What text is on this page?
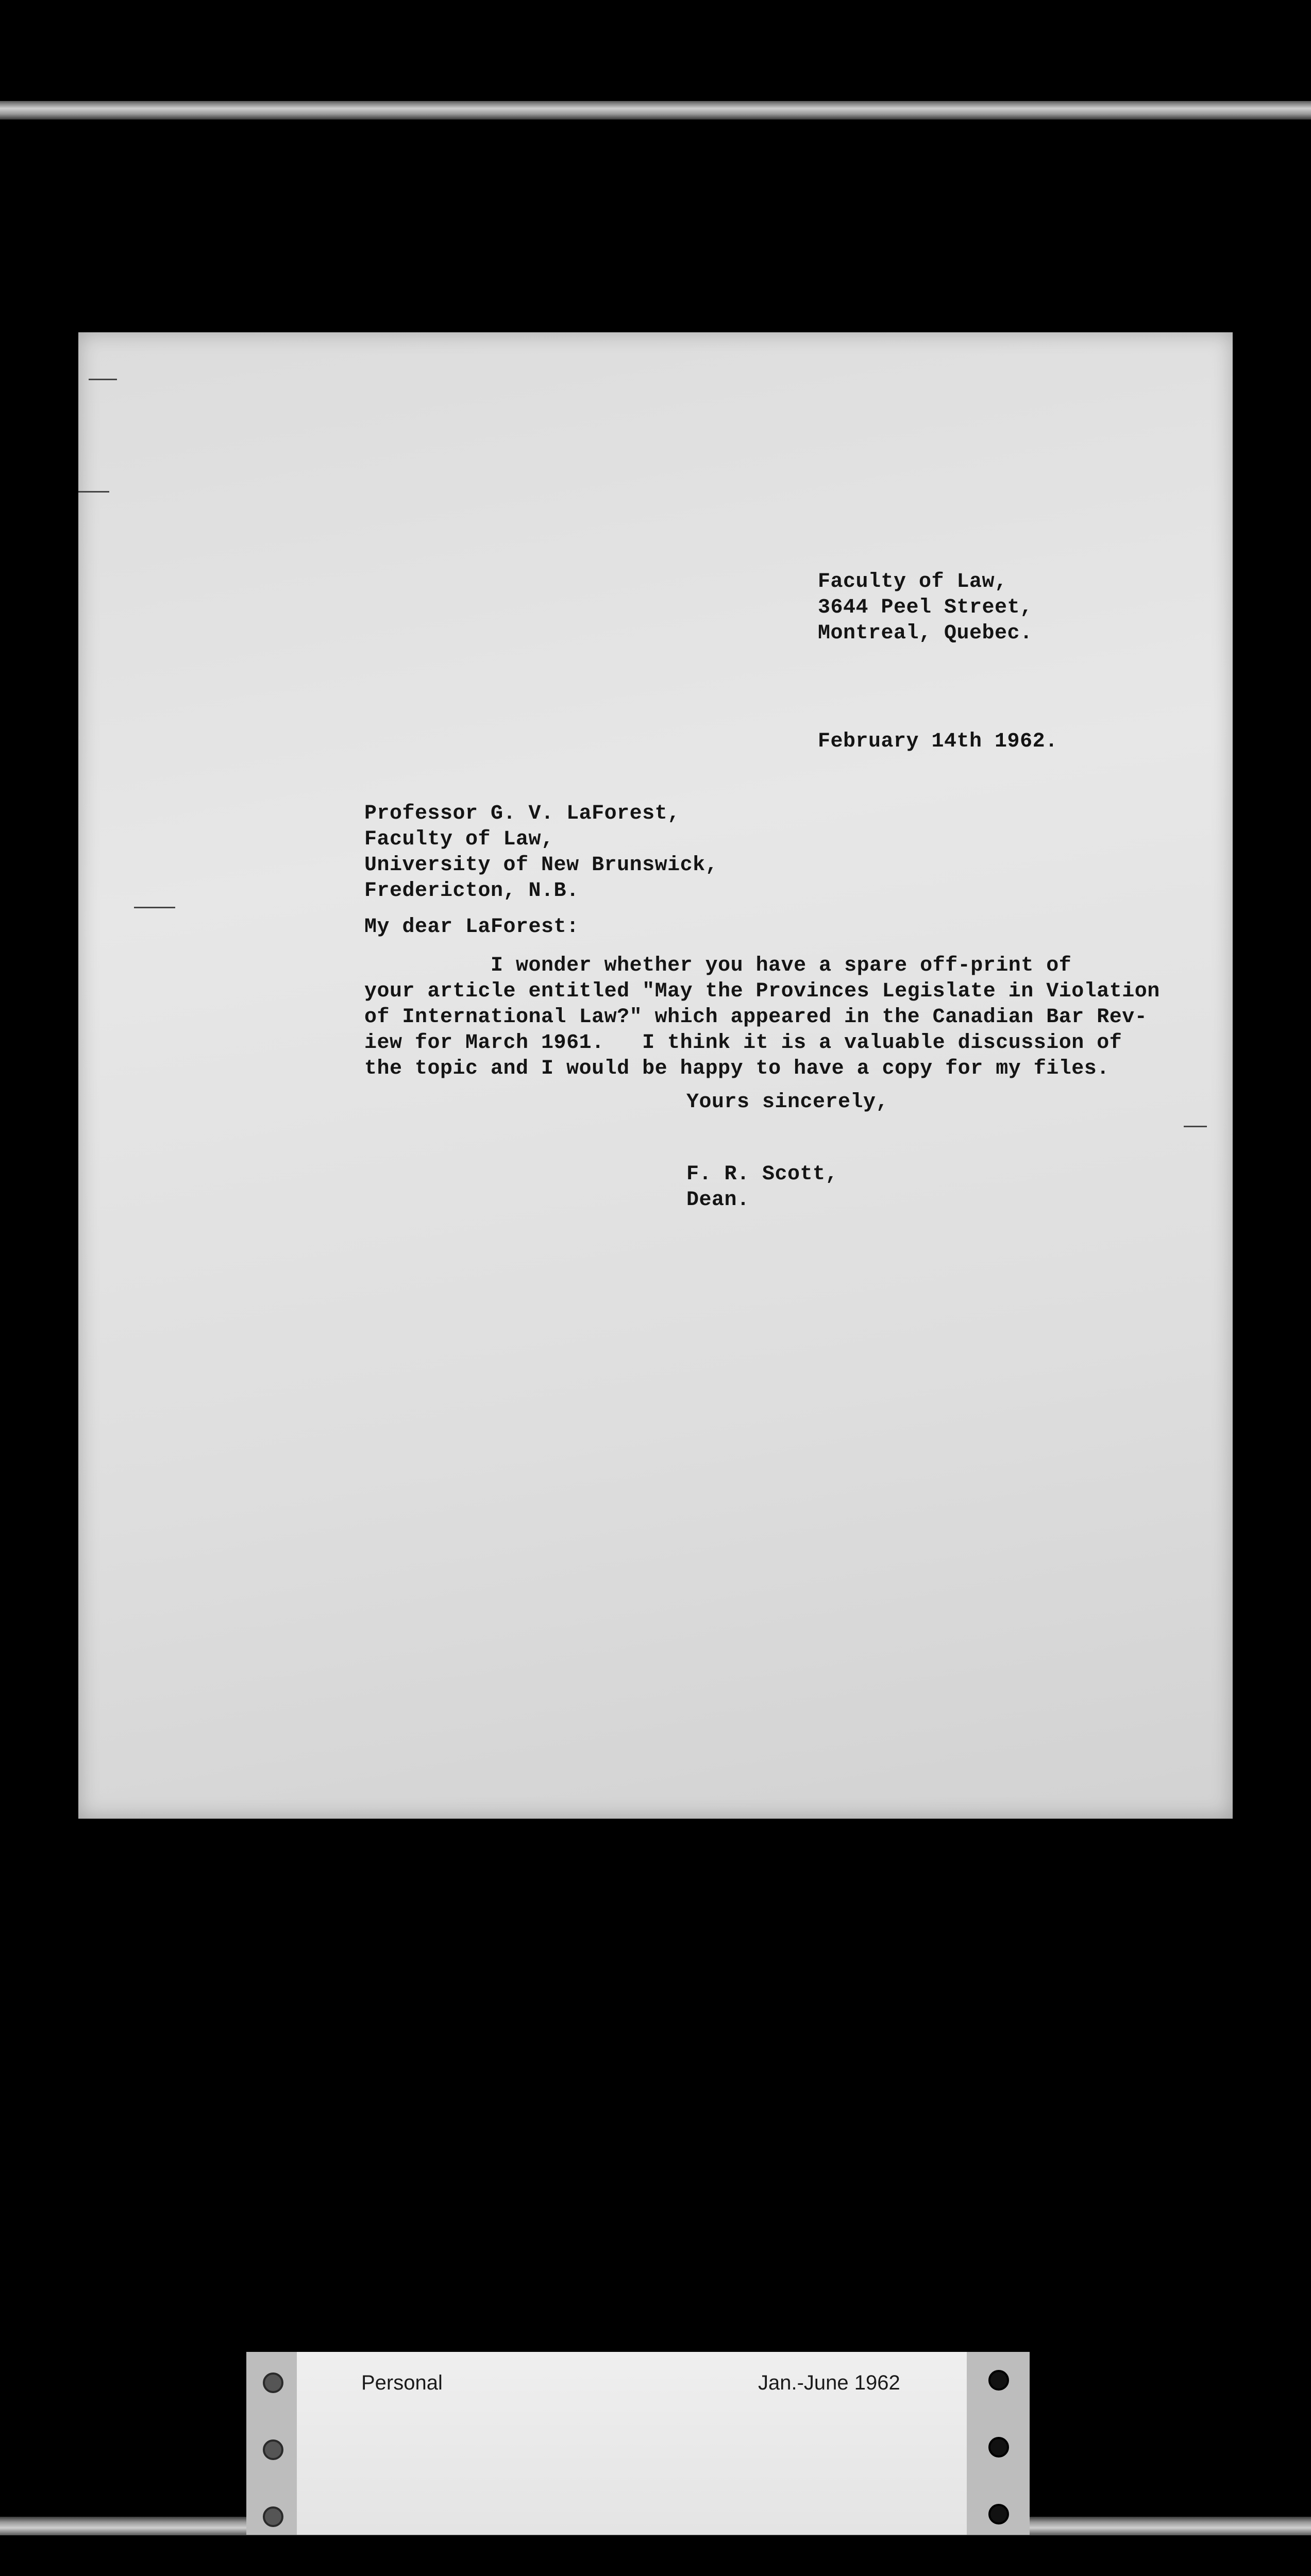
Faculty of Law,
3644 Peel Street,
Montreal, Quebec.
February 14th 1962.
Professor G. V. LaForest,
Faculty of Law,
University of New Brunswick,
Fredericton, N.B.
My dear LaForest:
I wonder whether you have a spare off-print of
your article entitled "May the Provinces Legislate in Violation
of International Law?" which appeared in the Canadian Bar Rev-
iew for March 1961.   I think it is a valuable discussion of
the topic and I would be happy to have a copy for my files.
Yours sincerely,
F. R. Scott,
Dean.
Personal	Jan.-June 1962
